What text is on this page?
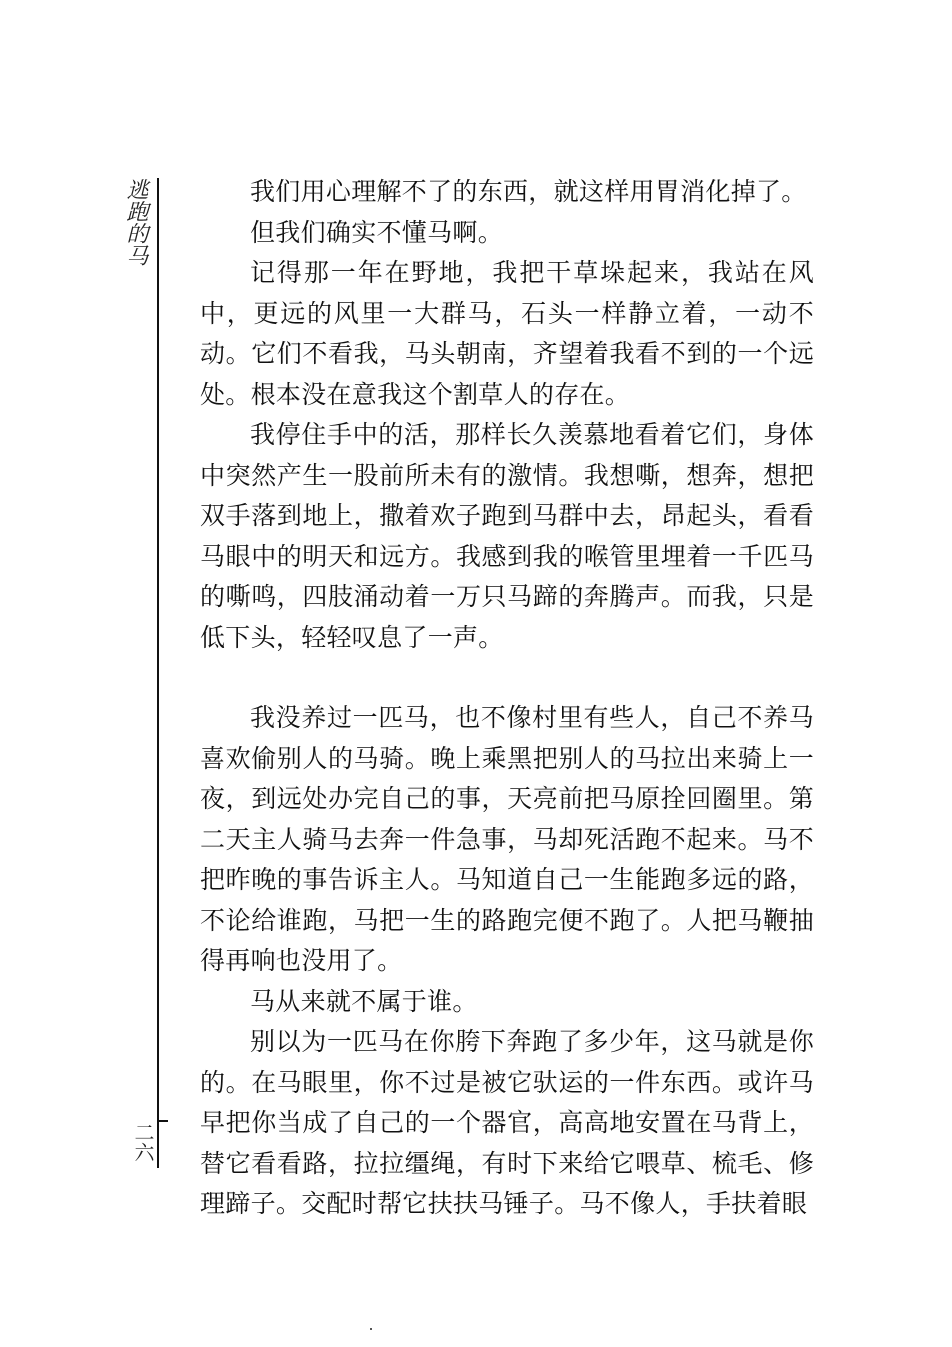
逃跑的马
二六

我们用心理解不了的东西，就这样用胃消化掉了。

但我们确实不懂马啊。

记得那一年在野地，我把干草垛起来，我站在风中，更远的风里一大群马，石头一样静立着，一动不动。它们不看我，马头朝南，齐望着我看不到的一个远处。根本没在意我这个割草人的存在。

我停住手中的活，那样长久羡慕地看着它们，身体中突然产生一股前所未有的激情。我想嘶，想奔，想把双手落到地上，撒着欢子跑到马群中去，昂起头，看看马眼中的明天和远方。我感到我的喉管里埋着一千匹马的嘶鸣，四肢涌动着一万只马蹄的奔腾声。而我，只是低下头，轻轻叹息了一声。

我没养过一匹马，也不像村里有些人，自己不养马喜欢偷别人的马骑。晚上乘黑把别人的马拉出来骑上一夜，到远处办完自己的事，天亮前把马原拴回圈里。第二天主人骑马去奔一件急事，马却死活跑不起来。马不把昨晚的事告诉主人。马知道自己一生能跑多远的路，不论给谁跑，马把一生的路跑完便不跑了。人把马鞭抽得再响也没用了。

马从来就不属于谁。

别以为一匹马在你胯下奔跑了多少年，这马就是你的。在马眼里，你不过是被它驮运的一件东西。或许马早把你当成了自己的一个器官，高高地安置在马背上，替它看看路，拉拉缰绳，有时下来给它喂草、梳毛、修理蹄子。交配时帮它扶扶马锤子。马不像人，手扶着眼
